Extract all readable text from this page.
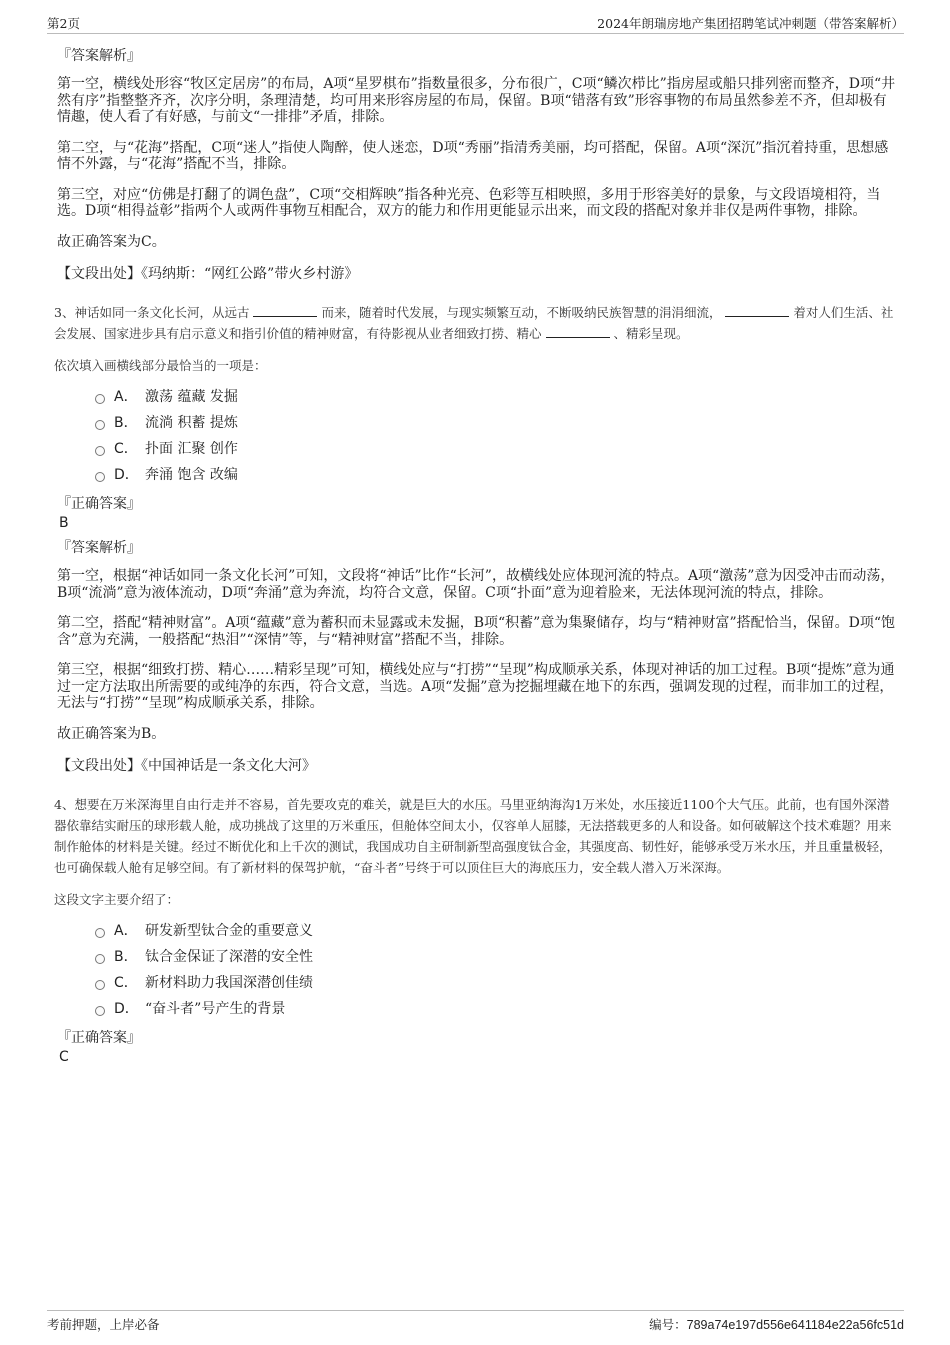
第2页	2024年朗瑞房地产集团招聘笔试冲刺题（带答案解析）
『答案解析』

第一空，横线处形容“牧区定居房”的布局，A项“星罗棋布”指数量很多，分布很广，C项“鳞次栉比”指房屋或船只排列密而整齐，D项“井然有序”指整整齐齐，次序分明，条理清楚，均可用来形容房屋的布局，保留。B项“错落有致”形容事物的布局虽然参差不齐，但却极有情趣，使人看了有好感，与前文“一排排”矛盾，排除。

第二空，与“花海”搭配，C项“迷人”指使人陶醉，使人迷恋，D项“秀丽”指清秀美丽，均可搭配，保留。A项“深沉”指沉着持重，思想感情不外露，与“花海”搭配不当，排除。

第三空，对应“仿佛是打翻了的调色盘”，C项“交相辉映”指各种光亮、色彩等互相映照，多用于形容美好的景象，与文段语境相符，当选。D项“相得益彰”指两个人或两件事物互相配合，双方的能力和作用更能显示出来，而文段的搭配对象并非仅是两件事物，排除。

故正确答案为C。

【文段出处】《玛纳斯：“网红公路”带火乡村游》
3、神话如同一条文化长河，从远古	而来，随着时代发展，与现实频繁互动，不断吸纳民族智慧的涓涓细流，	着对人们生活、社会发展、国家进步具有启示意义和指引价值的精神财富，有待影视从业者细致打捞、精心	、精彩呈现。
依次填入画横线部分最恰当的一项是：
A． 激荡 蕴藏 发掘
B． 流淌 积蓄 提炼
C． 扑面 汇聚 创作
D． 奔涌 饱含 改编
『正确答案』
B
『答案解析』

第一空，根据“神话如同一条文化长河”可知，文段将“神话”比作“长河”，故横线处应体现河流的特点。A项“激荡”意为因受冲击而动荡，B项“流淌”意为液体流动，D项“奔涌”意为奔流，均符合文意，保留。C项“扑面”意为迎着脸来，无法体现河流的特点，排除。

第二空，搭配“精神财富”。A项“蕴藏”意为蓄积而未显露或未发掘，B项“积蓄”意为集聚储存，均与“精神财富”搭配恰当，保留。D项“饱含”意为充满，一般搭配“热泪”“深情”等，与“精神财富”搭配不当，排除。

第三空，根据“细致打捞、精心……精彩呈现”可知，横线处应与“打捞”“呈现”构成顺承关系，体现对神话的加工过程。B项“提炼”意为通过一定方法取出所需要的或纯净的东西，符合文意，当选。A项“发掘”意为挖掘埋藏在地下的东西，强调发现的过程，而非加工的过程，无法与“打捞”“呈现”构成顺承关系，排除。

故正确答案为B。

【文段出处】《中国神话是一条文化大河》
4、想要在万米深海里自由行走并不容易，首先要攻克的难关，就是巨大的水压。马里亚纳海沟1万米处，水压接近1100个大气压。此前，也有国外深潜器依靠结实耐压的球形载人舱，成功挑战了这里的万米重压，但舱体空间太小，仅容单人屈膝，无法搭载更多的人和设备。如何破解这个技术难题？用来制作舱体的材料是关键。经过不断优化和上千次的测试，我国成功自主研制新型高强度钛合金，其强度高、韧性好，能够承受万米水压，并且重量极轻，也可确保载人舱有足够空间。有了新材料的保驾护航，“奋斗者”号终于可以顶住巨大的海底压力，安全载人潜入万米深海。
这段文字主要介绍了：
A． 研发新型钛合金的重要意义
B． 钛合金保证了深潜的安全性
C． 新材料助力我国深潜创佳绩
D． “奋斗者”号产生的背景
『正确答案』
C
考前押题，上岸必备	编号：789a74e197d556e641184e22a56fc51d
